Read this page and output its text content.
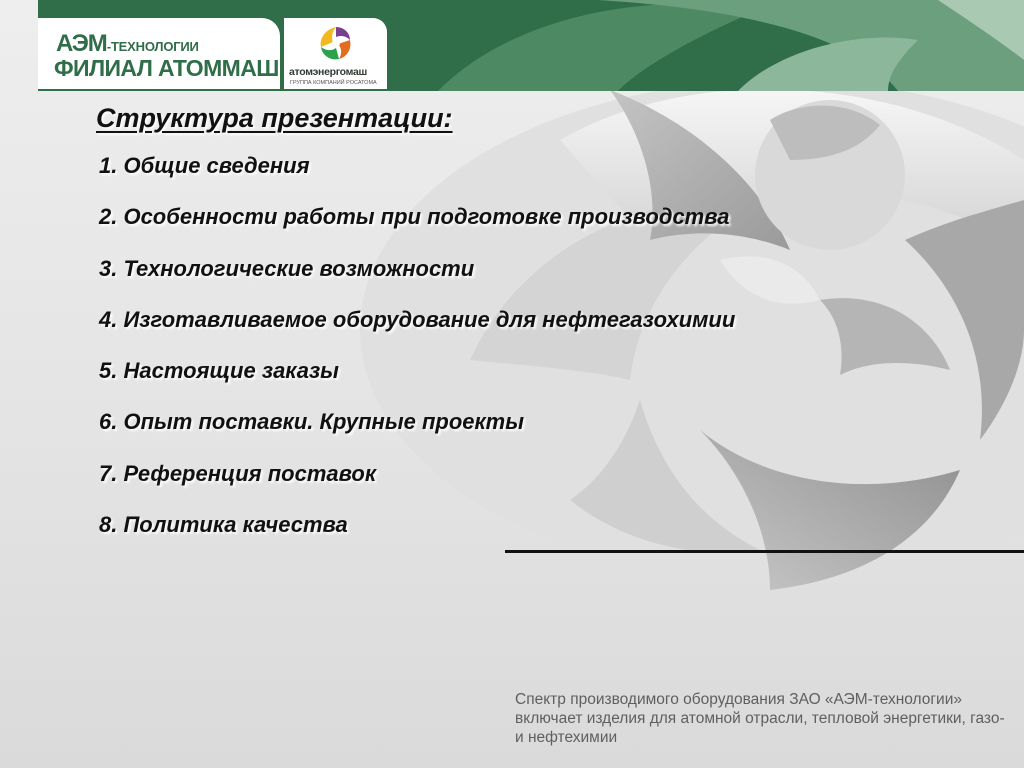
АЭМ-ТЕХНОЛОГИИ
ФИЛИАЛ АТОММАШ атомэнергомаш
ГРУППА КОМПАНИЙ РОСАТОМА
Структура презентации:
1. Общие сведения
2. Особенности работы при подготовке производства
3. Технологические возможности
4. Изготавливаемое оборудование для нефтегазохимии
5. Настоящие заказы
6. Опыт поставки. Крупные проекты
7. Референция поставок
8. Политика качества
Спектр производимого оборудования ЗАО «АЭМ-технологии» включает изделия для атомной отрасли, тепловой энергетики, газо- и нефтехимии
